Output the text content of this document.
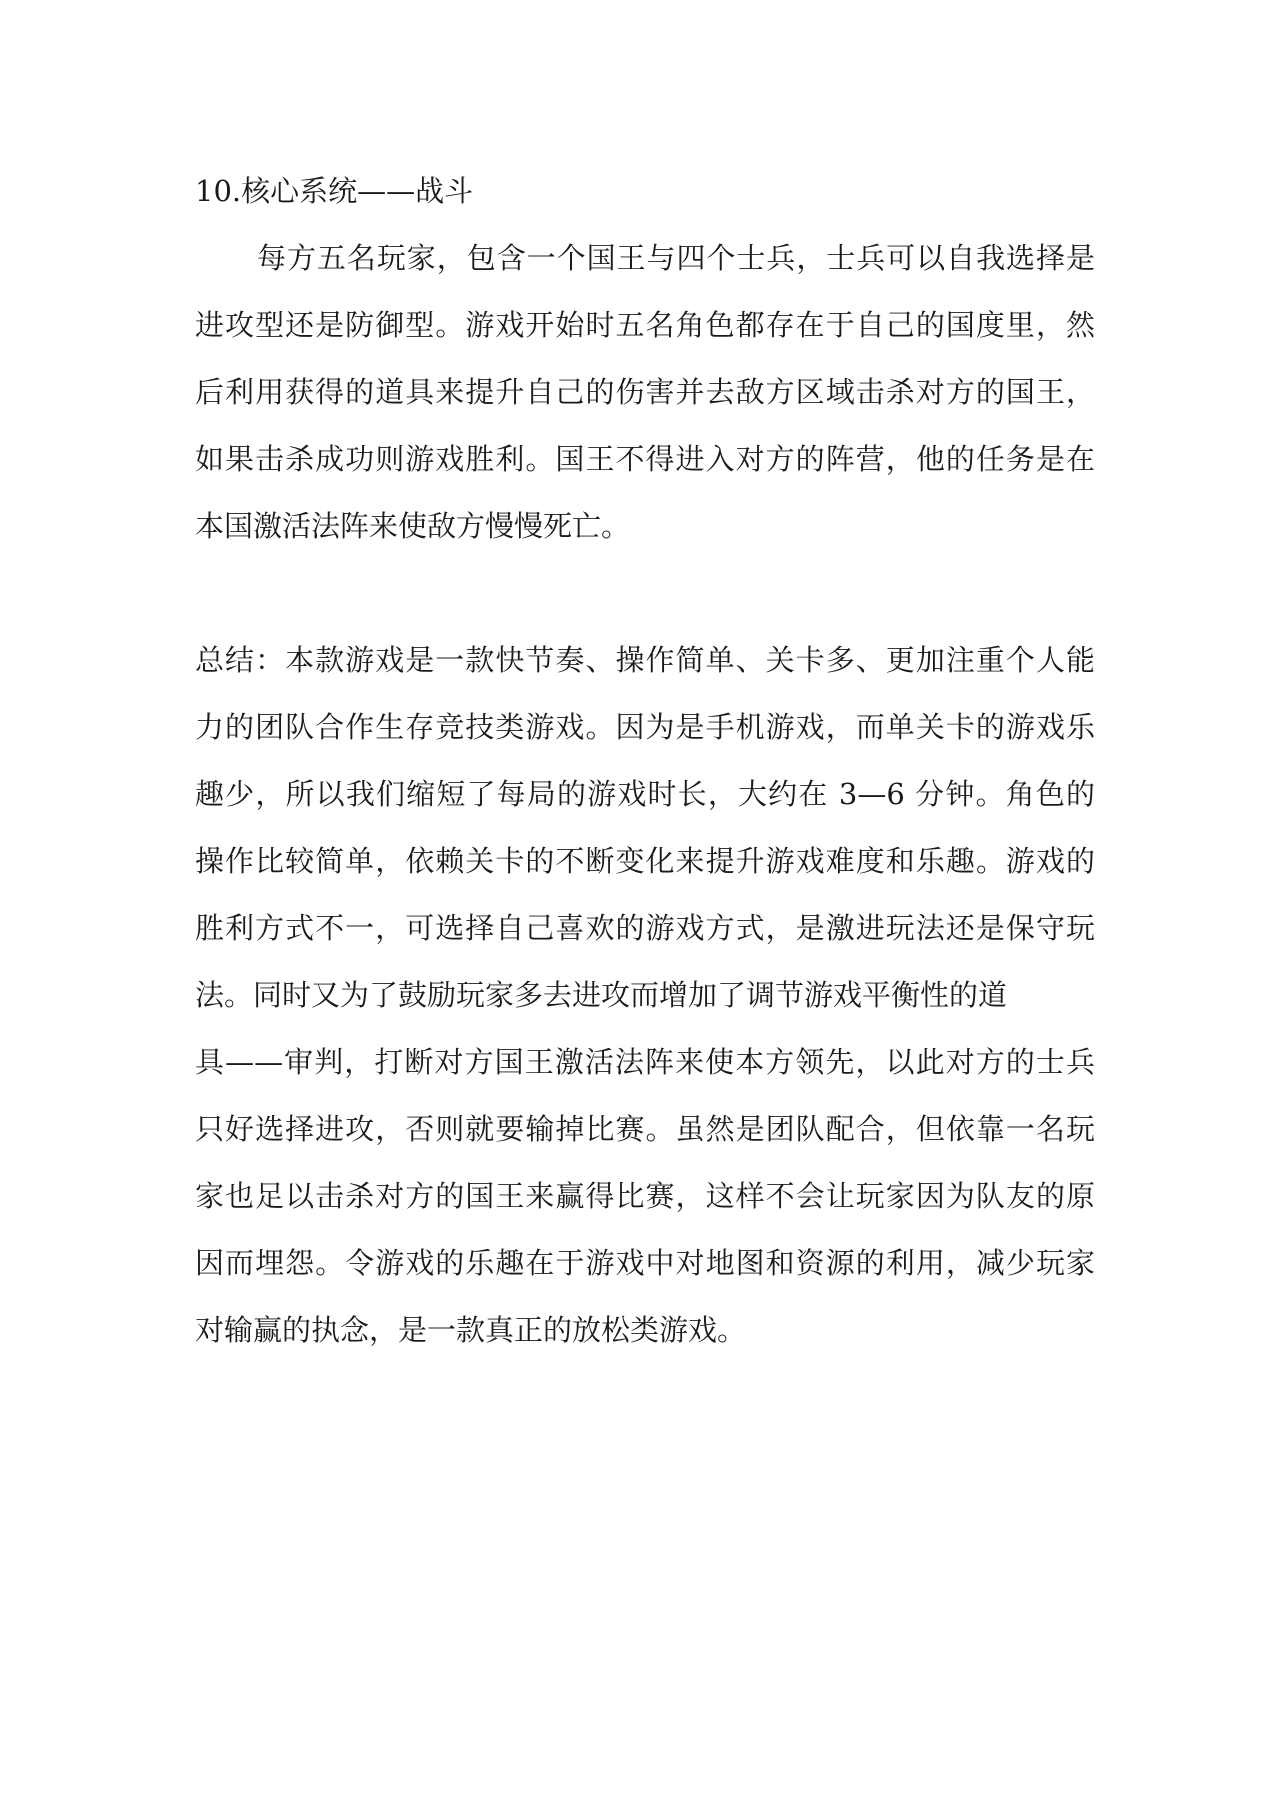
10.核心系统——战斗

每方五名玩家，包含一个国王与四个士兵，士兵可以自我选择是

进攻型还是防御型。游戏开始时五名角色都存在于自己的国度里，然

后利用获得的道具来提升自己的伤害并去敌方区域击杀对方的国王，

如果击杀成功则游戏胜利。国王不得进入对方的阵营，他的任务是在

本国激活法阵来使敌方慢慢死亡。

总结：本款游戏是一款快节奏、操作简单、关卡多、更加注重个人能

力的团队合作生存竞技类游戏。因为是手机游戏，而单关卡的游戏乐

趣少，所以我们缩短了每局的游戏时长，大约在 3—6 分钟。角色的

操作比较简单，依赖关卡的不断变化来提升游戏难度和乐趣。游戏的

胜利方式不一，可选择自己喜欢的游戏方式，是激进玩法还是保守玩

法。同时又为了鼓励玩家多去进攻而增加了调节游戏平衡性的道

具——审判，打断对方国王激活法阵来使本方领先，以此对方的士兵

只好选择进攻，否则就要输掉比赛。虽然是团队配合，但依靠一名玩

家也足以击杀对方的国王来赢得比赛，这样不会让玩家因为队友的原

因而埋怨。令游戏的乐趣在于游戏中对地图和资源的利用，减少玩家

对输赢的执念，是一款真正的放松类游戏。
